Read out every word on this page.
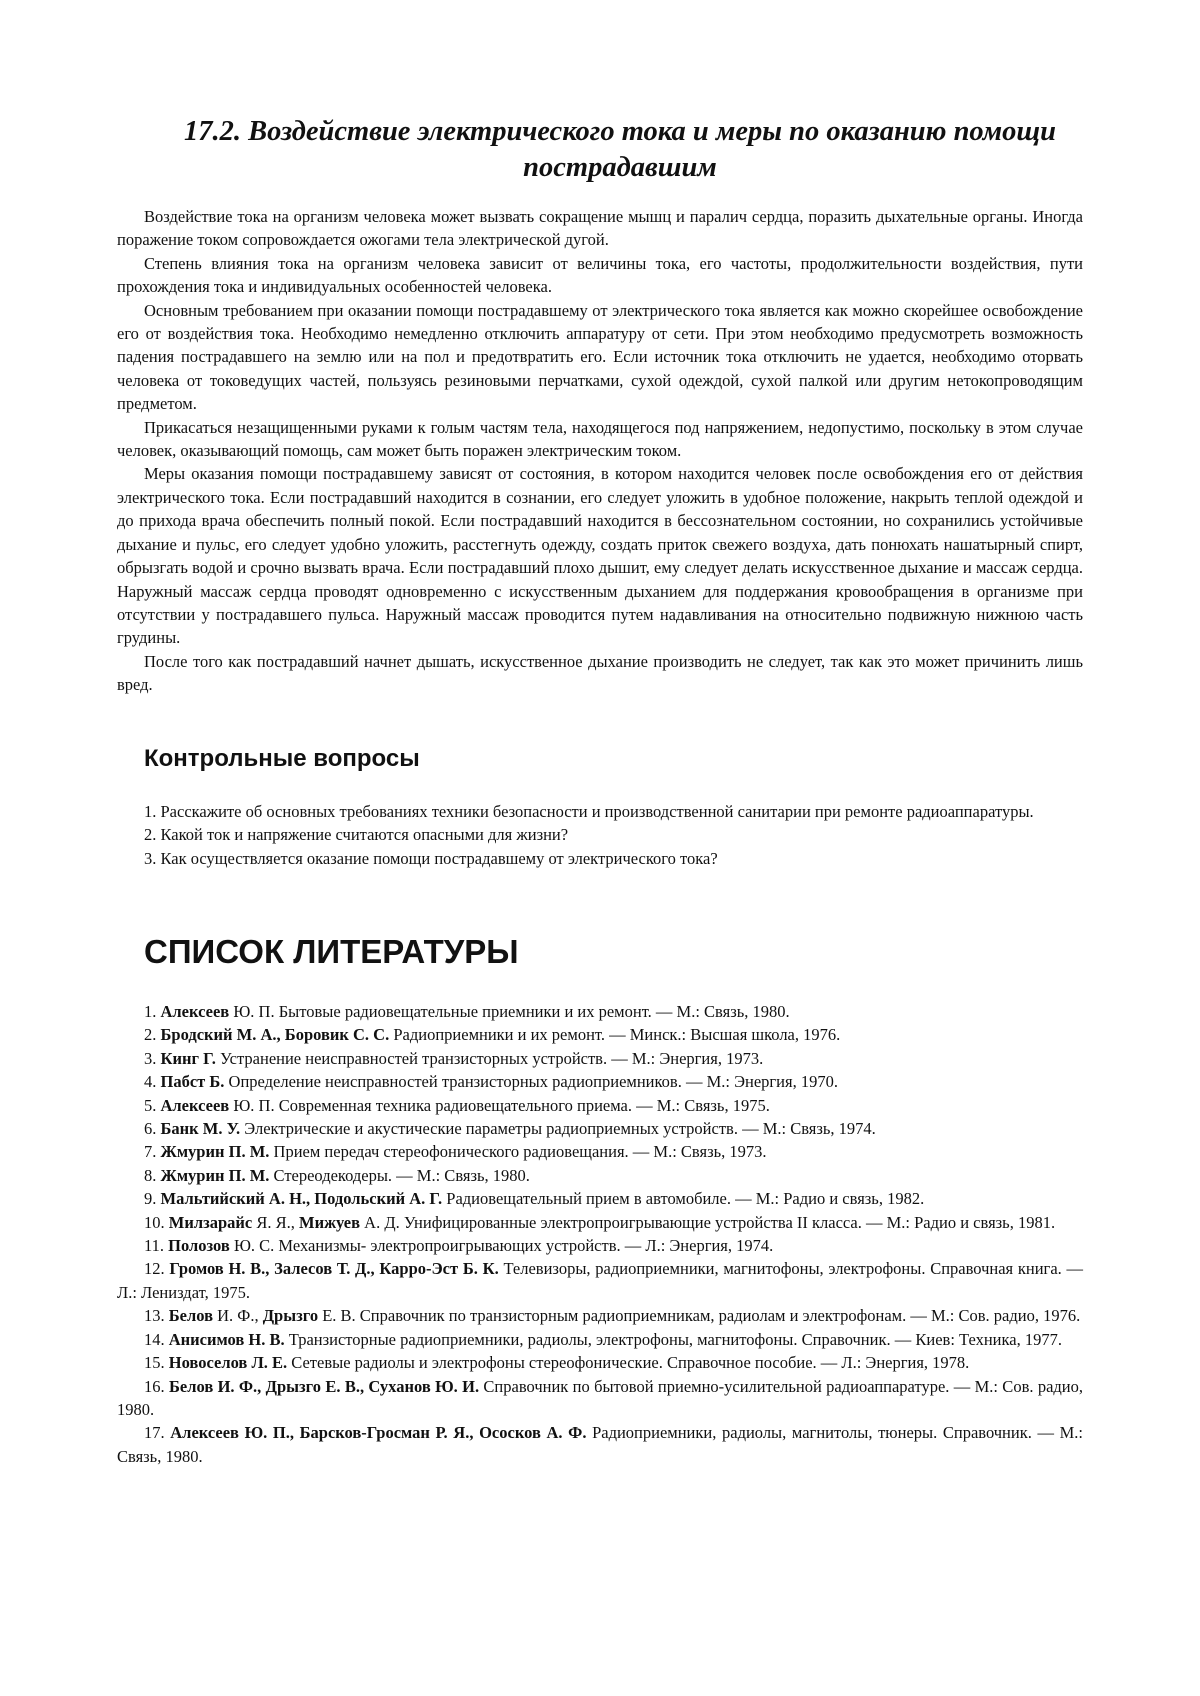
17.2. Воздействие электрического тока и меры по оказанию помощи пострадавшим

Воздействие тока на организм человека может вызвать сокращение мышц и паралич сердца, поразить дыхательные органы. Иногда поражение током сопровождается ожогами тела электрической дугой.

Степень влияния тока на организм человека зависит от величины тока, его частоты, продолжительности воздействия, пути прохождения тока и индивидуальных особенностей человека.

Основным требованием при оказании помощи пострадавшему от электрического тока является как можно скорейшее освобождение его от воздействия тока. Необходимо немедленно отключить аппаратуру от сети. При этом необходимо предусмотреть возможность падения пострадавшего на землю или на пол и предотвратить его. Если источник тока отключить не удается, необходимо оторвать человека от токоведущих частей, пользуясь резиновыми перчатками, сухой одеждой, сухой палкой или другим нетокопроводящим предметом.

Прикасаться незащищенными руками к голым частям тела, находящегося под напряжением, недопустимо, поскольку в этом случае человек, оказывающий помощь, сам может быть поражен электрическим током.

Меры оказания помощи пострадавшему зависят от состояния, в котором находится человек после освобождения его от действия электрического тока. Если пострадавший находится в сознании, его следует уложить в удобное положение, накрыть теплой одеждой и до прихода врача обеспечить полный покой. Если пострадавший находится в бессознательном состоянии, но сохранились устойчивые дыхание и пульс, его следует удобно уложить, расстегнуть одежду, создать приток свежего воздуха, дать понюхать нашатырный спирт, обрызгать водой и срочно вызвать врача. Если пострадавший плохо дышит, ему следует делать искусственное дыхание и массаж сердца. Наружный массаж сердца проводят одновременно с искусственным дыханием для поддержания кровообращения в организме при отсутствии у пострадавшего пульса. Наружный массаж проводится путем надавливания на относительно подвижную нижнюю часть грудины.

После того как пострадавший начнет дышать, искусственное дыхание производить не следует, так как это может причинить лишь вред.

Контрольные вопросы

1. Расскажите об основных требованиях техники безопасности и производственной санитарии при ремонте радиоаппаратуры.

2. Какой ток и напряжение считаются опасными для жизни?

3. Как осуществляется оказание помощи пострадавшему от электрического тока?

СПИСОК ЛИТЕРАТУРЫ

1. Алексеев Ю. П. Бытовые радиовещательные приемники и их ремонт. — М.: Связь, 1980.

2. Бродский М. А., Боровик С. С. Радиоприемники и их ремонт. — Минск.: Высшая школа, 1976.

3. Кинг Г. Устранение неисправностей транзисторных устройств. — М.: Энергия, 1973.

4. Пабст Б. Определение неисправностей транзисторных радиоприемников. — М.: Энергия, 1970.

5. Алексеев Ю. П. Современная техника радиовещательного приема. — М.: Связь, 1975.

6. Банк М. У. Электрические и акустические параметры радиоприемных устройств. — М.: Связь, 1974.

7. Жмурин П. М. Прием передач стереофонического радиовещания. — М.: Связь, 1973.

8. Жмурин П. М. Стереодекодеры. — М.: Связь, 1980.

9. Мальтийский А. Н., Подольский А. Г. Радиовещательный прием в автомобиле. — М.: Радио и связь, 1982.

10. Милзарайс Я. Я., Мижуев А. Д. Унифицированные электропроигрывающие устройства II класса. — М.: Радио и связь, 1981.

11. Полозов Ю. С. Механизмы- электропроигрывающих устройств. — Л.: Энергия, 1974.

12. Громов Н. В., Залесов Т. Д., Карро-Эст Б. К. Телевизоры, радиоприемники, магнитофоны, электрофоны. Справочная книга. — Л.: Лениздат, 1975.

13. Белов И. Ф., Дрызго Е. В. Справочник по транзисторным радиоприемникам, радиолам и электрофонам. — М.: Сов. радио, 1976.

14. Анисимов Н. В. Транзисторные радиоприемники, радиолы, электрофоны, магнитофоны. Справочник. — Киев: Техника, 1977.

15. Новоселов Л. Е. Сетевые радиолы и электрофоны стереофонические. Справочное пособие. — Л.: Энергия, 1978.

16. Белов И. Ф., Дрызго Е. В., Суханов Ю. И. Справочник по бытовой приемно-усилительной радиоаппаратуре. — М.: Сов. радио, 1980.

17. Алексеев Ю. П., Барсков-Гросман Р. Я., Ососков А. Ф. Радиоприемники, радиолы, магнитолы, тюнеры. Справочник. — М.: Связь, 1980.
